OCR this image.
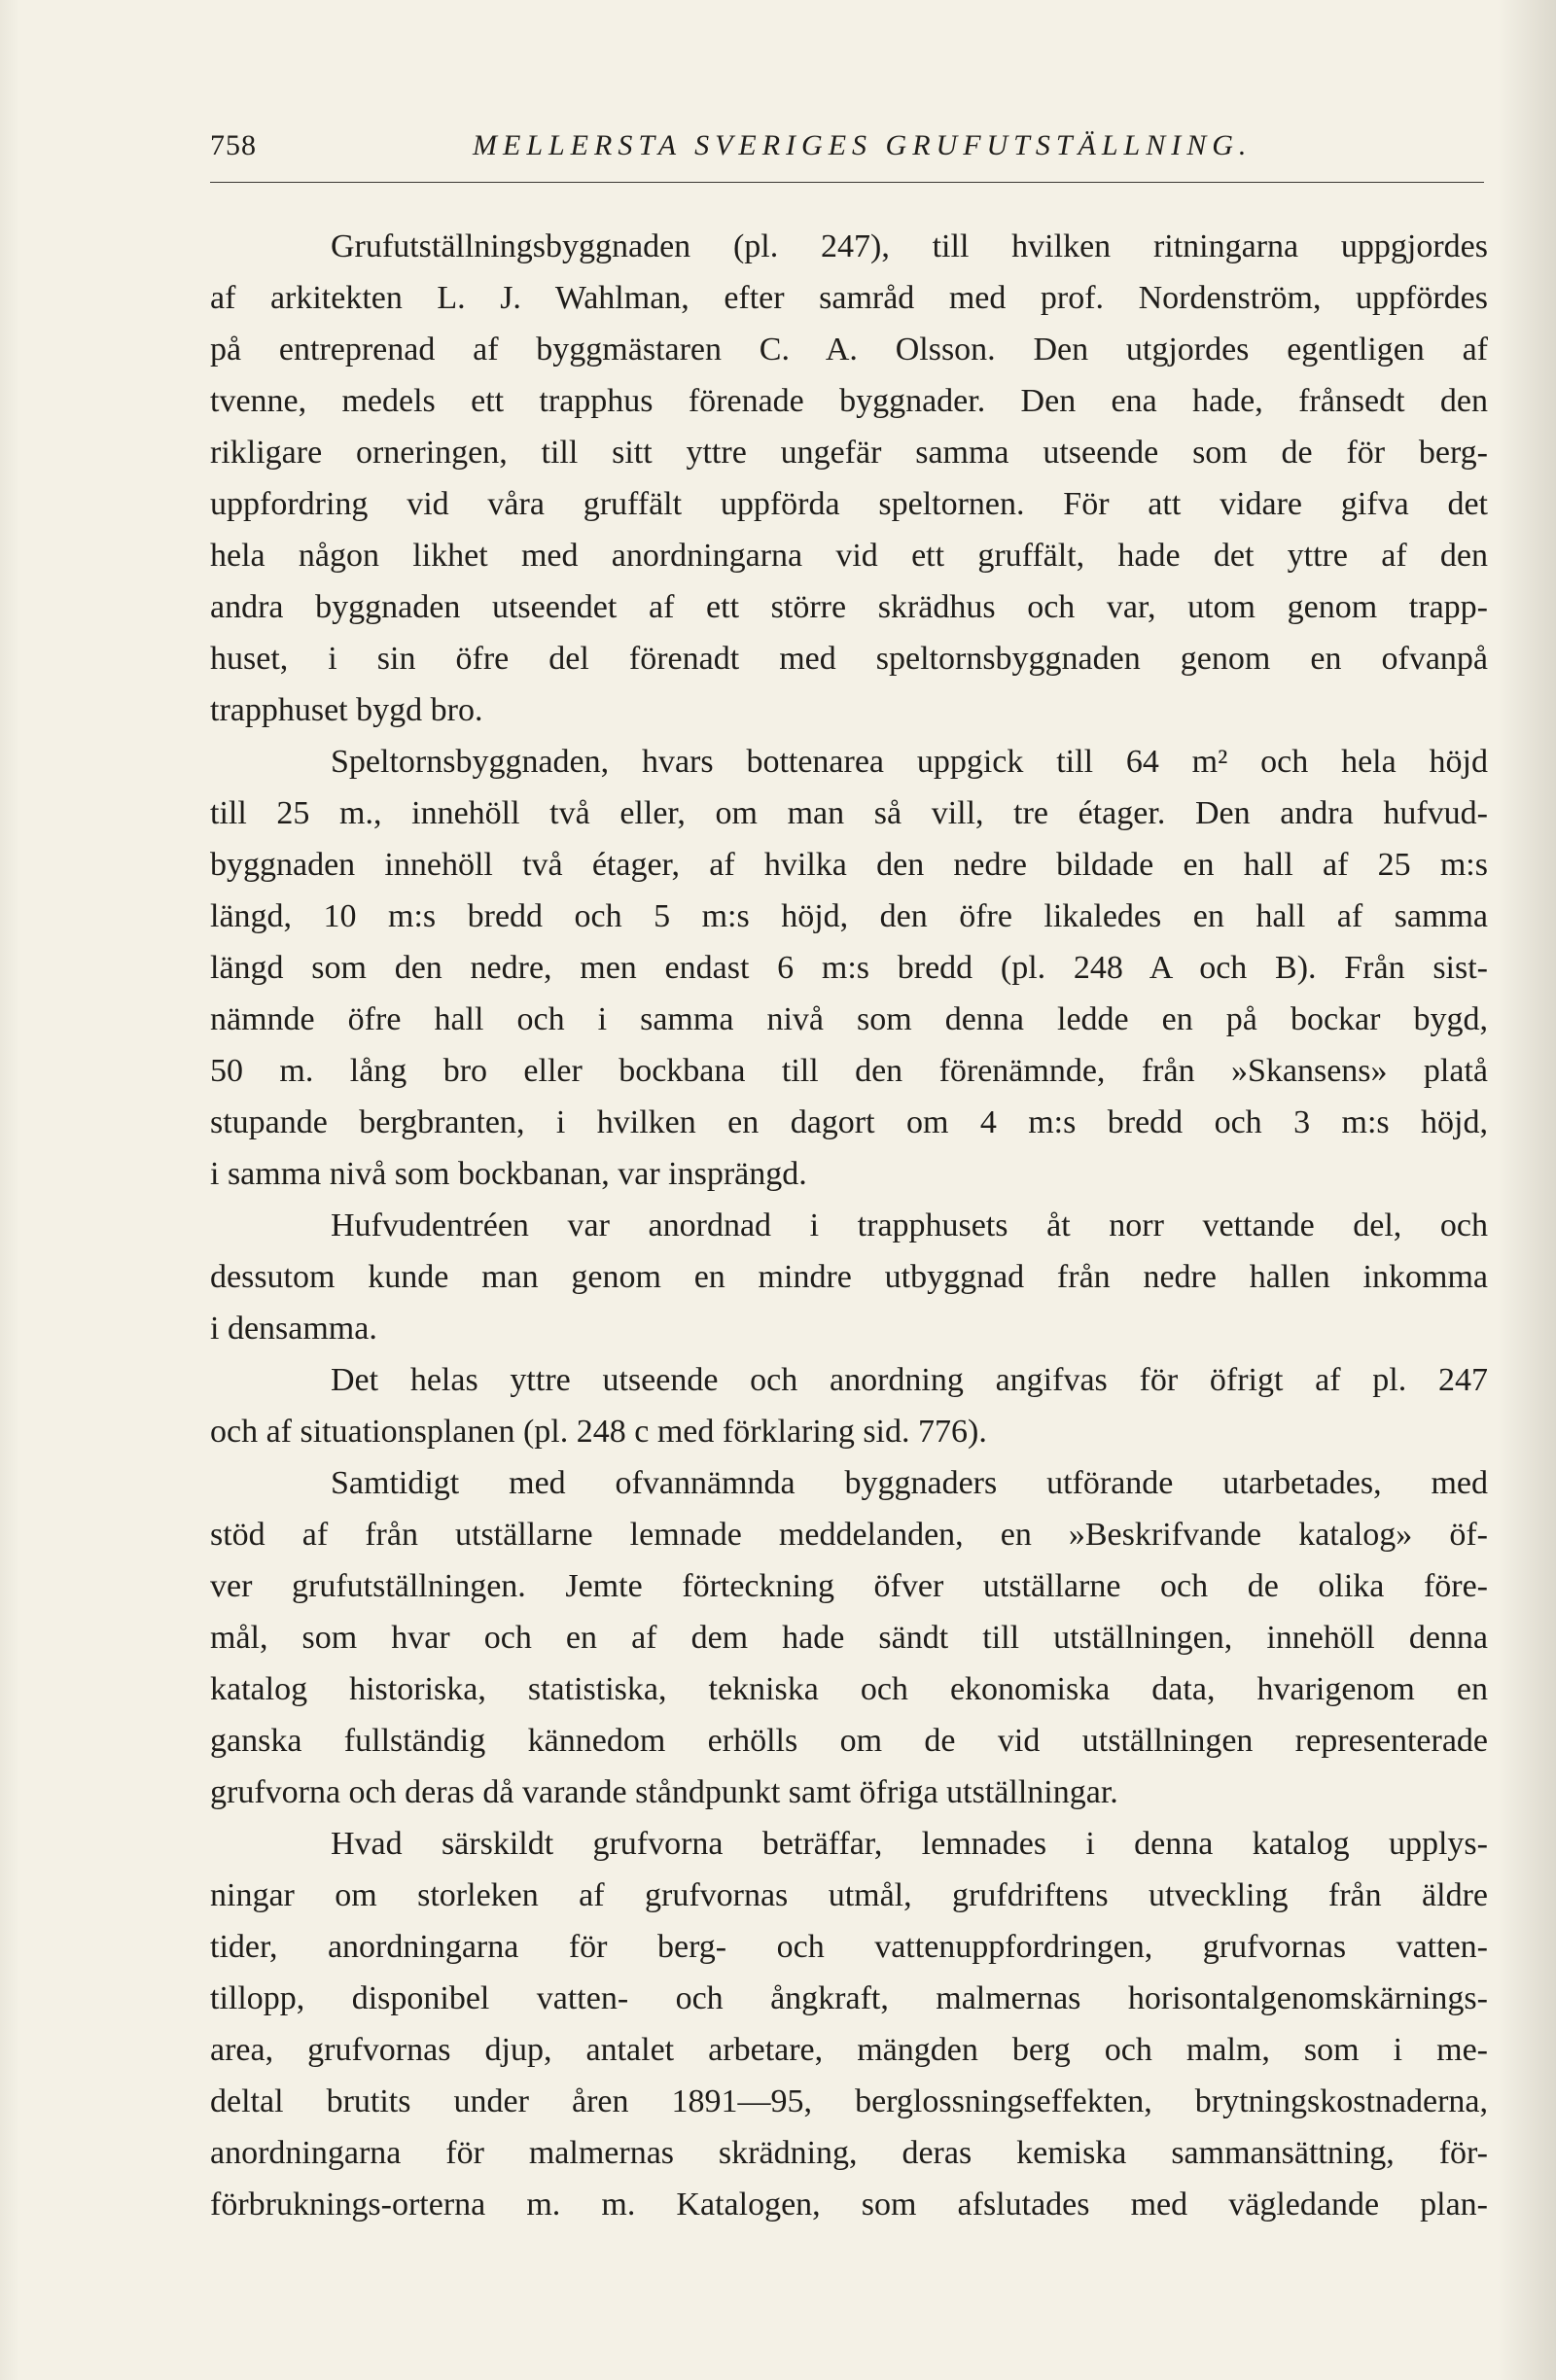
758	MELLERSTA SVERIGES GRUFUTSTÄLLNING.
Grufutställningsbyggnaden (pl. 247), till hvilken ritningarna uppgjordes
af arkitekten L. J. Wahlman, efter samråd med prof. Nordenström, uppfördes
på entreprenad af byggmästaren C. A. Olsson. Den utgjordes egentligen af
tvenne, medels ett trapphus förenade byggnader. Den ena hade, frånsedt den
rikligare orneringen, till sitt yttre ungefär samma utseende som de för berg-
uppfordring vid våra gruffält uppförda speltornen. För att vidare gifva det
hela någon likhet med anordningarna vid ett gruffält, hade det yttre af den
andra byggnaden utseendet af ett större skrädhus och var, utom genom trapp-
huset, i sin öfre del förenadt med speltornsbyggnaden genom en ofvanpå
trapphuset bygd bro.
Speltornsbyggnaden, hvars bottenarea uppgick till 64 m² och hela höjd
till 25 m., innehöll två eller, om man så vill, tre étager. Den andra hufvud-
byggnaden innehöll två étager, af hvilka den nedre bildade en hall af 25 m:s
längd, 10 m:s bredd och 5 m:s höjd, den öfre likaledes en hall af samma
längd som den nedre, men endast 6 m:s bredd (pl. 248 A och B). Från sist-
nämnde öfre hall och i samma nivå som denna ledde en på bockar bygd,
50 m. lång bro eller bockbana till den förenämnde, från »Skansens» platå
stupande bergbranten, i hvilken en dagort om 4 m:s bredd och 3 m:s höjd,
i samma nivå som bockbanan, var insprängd.
Hufvudentréen var anordnad i trapphusets åt norr vettande del, och
dessutom kunde man genom en mindre utbyggnad från nedre hallen inkomma
i densamma.
Det helas yttre utseende och anordning angifvas för öfrigt af pl. 247
och af situationsplanen (pl. 248 c med förklaring sid. 776).
Samtidigt med ofvannämnda byggnaders utförande utarbetades, med
stöd af från utställarne lemnade meddelanden, en »Beskrifvande katalog» öf-
ver grufutställningen. Jemte förteckning öfver utställarne och de olika före-
mål, som hvar och en af dem hade sändt till utställningen, innehöll denna
katalog historiska, statistiska, tekniska och ekonomiska data, hvarigenom en
ganska fullständig kännedom erhölls om de vid utställningen representerade
grufvorna och deras då varande ståndpunkt samt öfriga utställningar.
Hvad särskildt grufvorna beträffar, lemnades i denna katalog upplys-
ningar om storleken af grufvornas utmål, grufdriftens utveckling från äldre
tider, anordningarna för berg- och vattenuppfordringen, grufvornas vatten-
tillopp, disponibel vatten- och ångkraft, malmernas horisontalgenomskärnings-
area, grufvornas djup, antalet arbetare, mängden berg och malm, som i me-
deltal brutits under åren 1891—95, berglossningseffekten, brytningskostnaderna,
anordningarna för malmernas skrädning, deras kemiska sammansättning, för-
förbruknings-orterna m. m. Katalogen, som afslutades med vägledande plan-
